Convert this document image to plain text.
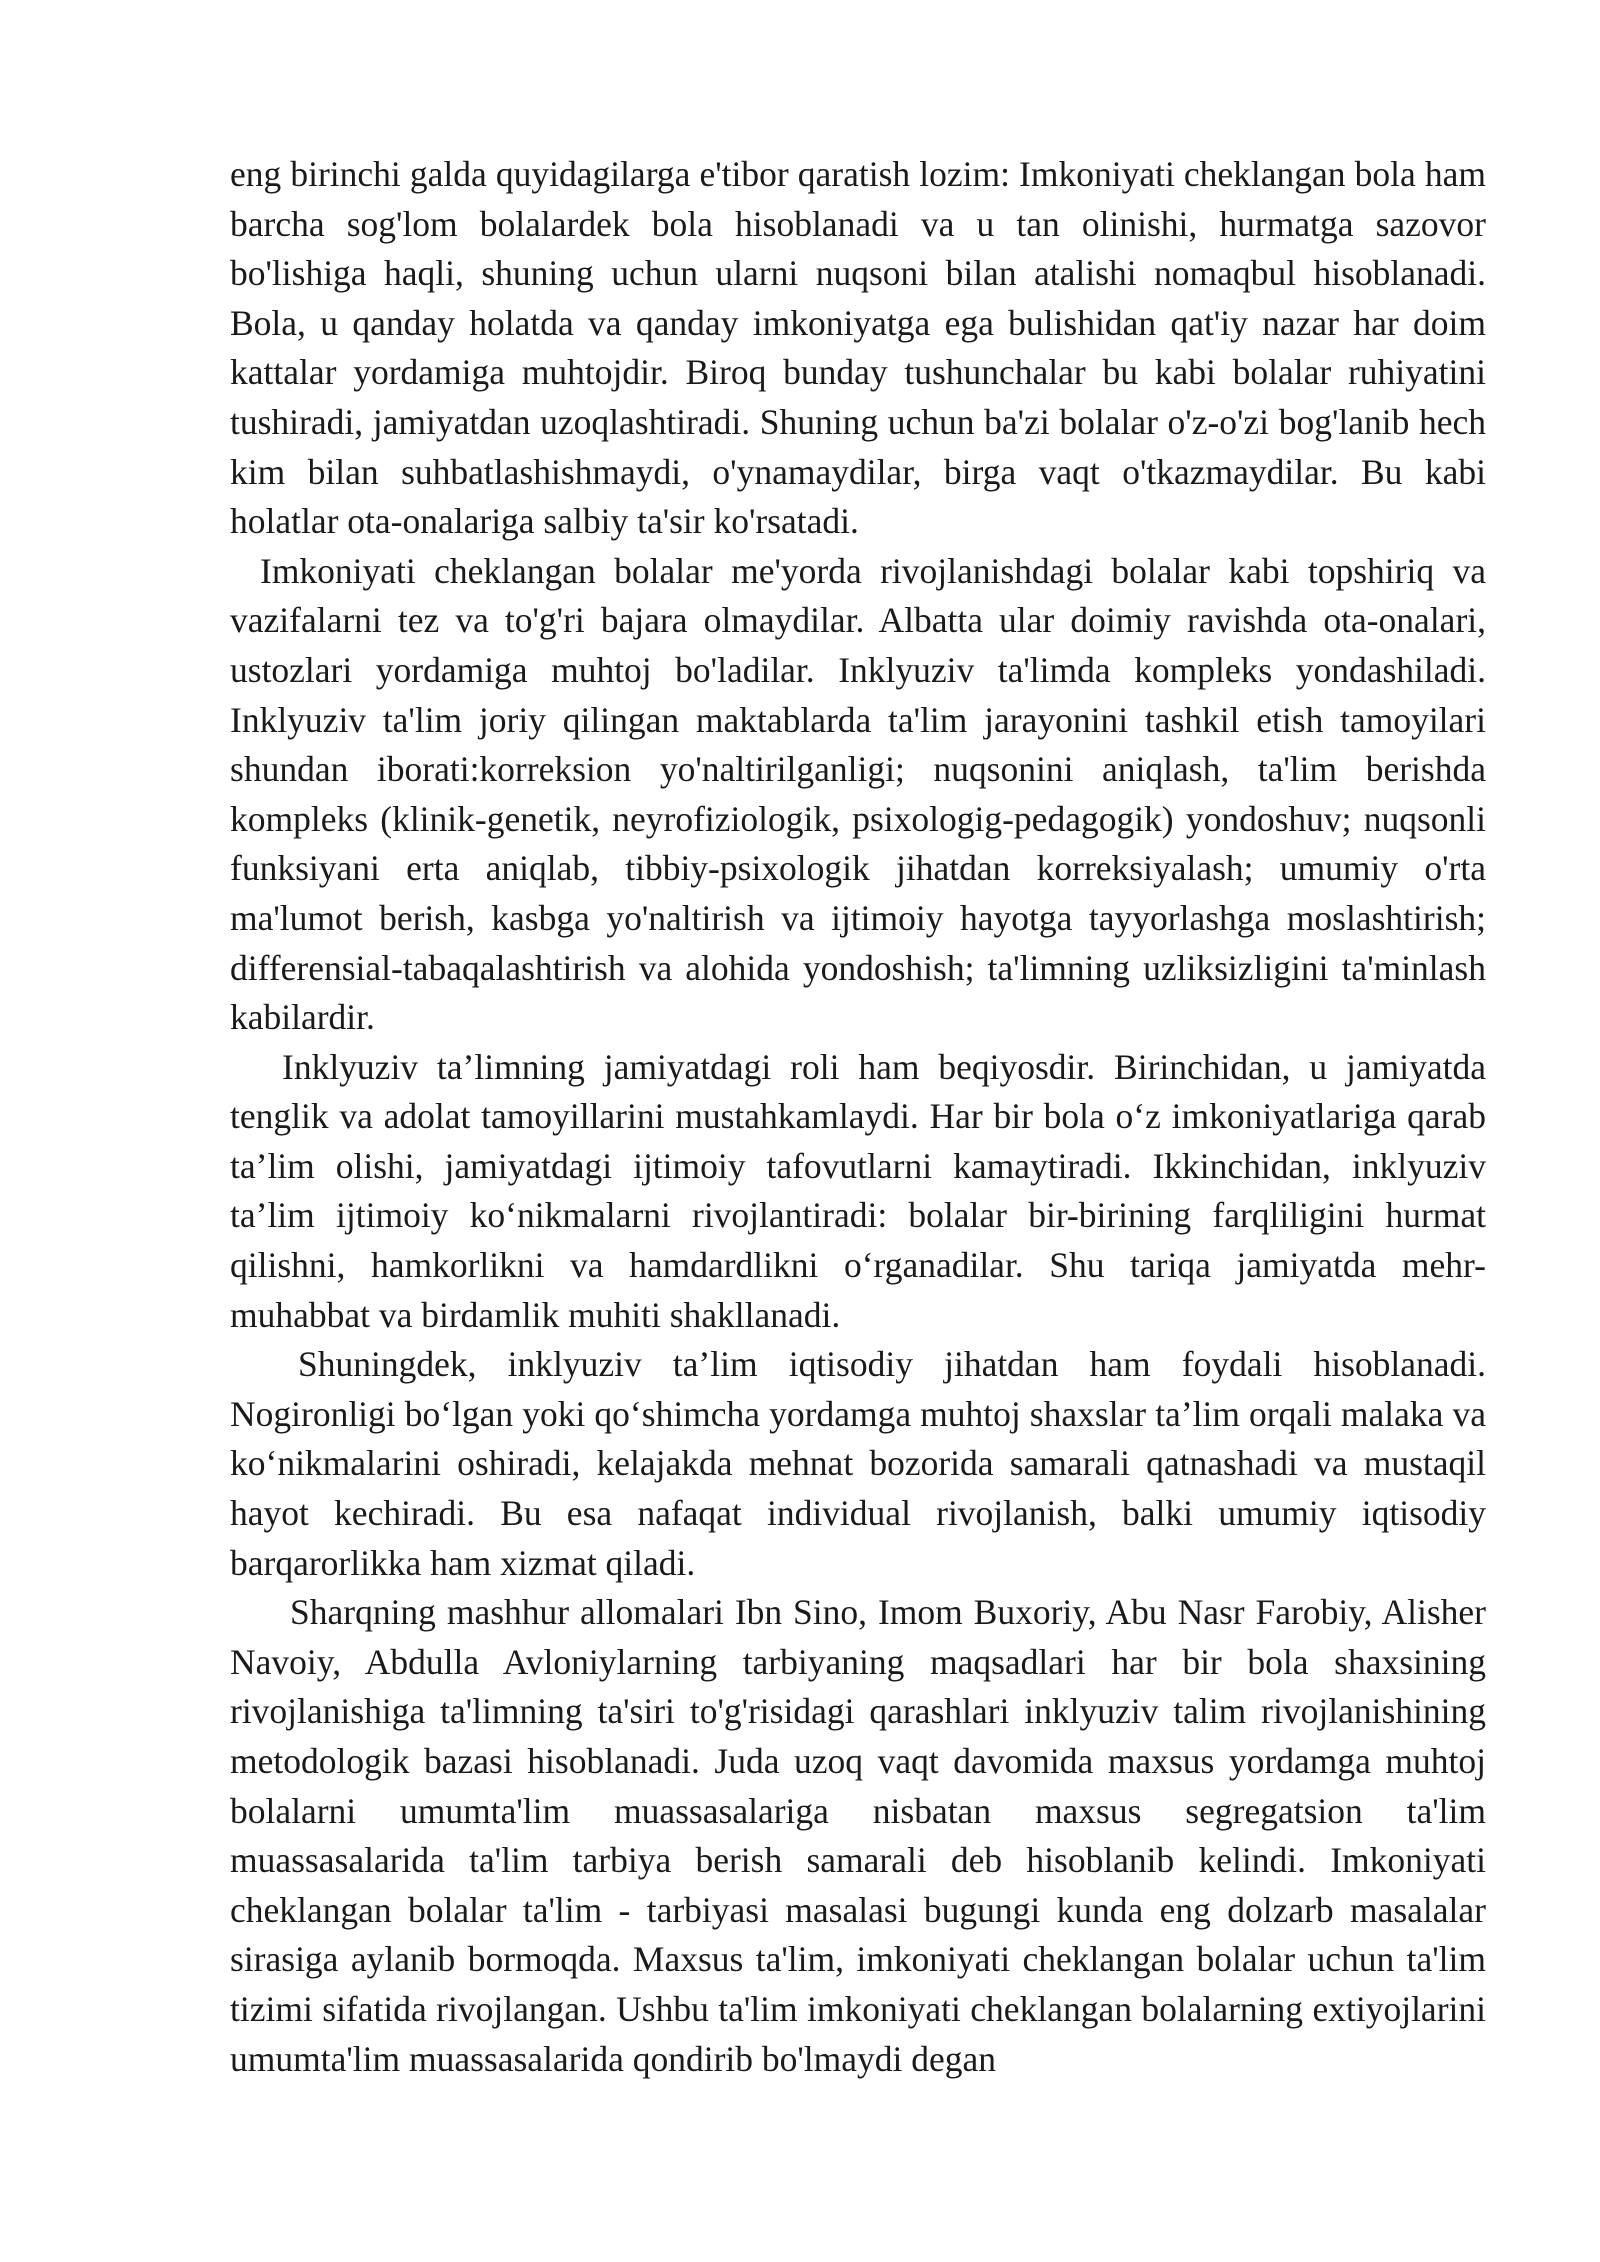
eng birinchi galda quyidagilarga e'tibor qaratish lozim: Imkoniyati cheklangan bola ham barcha sog'lom bolalardek bola hisoblanadi va u tan olinishi, hurmatga sazovor bo'lishiga haqli, shuning uchun ularni nuqsoni bilan atalishi nomaqbul hisoblanadi. Bola, u qanday holatda va qanday imkoniyatga ega bulishidan qat'iy nazar har doim kattalar yordamiga muhtojdir. Biroq bunday tushunchalar bu kabi bolalar ruhiyatini tushiradi, jamiyatdan uzoqlashtiradi. Shuning uchun ba'zi bolalar o'z-o'zi bog'lanib hech kim bilan suhbatlashishmaydi, o'ynamaydilar, birga vaqt o'tkazmaydilar. Bu kabi holatlar ota-onalariga salbiy ta'sir ko'rsatadi.

Imkoniyati cheklangan bolalar me'yorda rivojlanishdagi bolalar kabi topshiriq va vazifalarni tez va to'g'ri bajara olmaydilar. Albatta ular doimiy ravishda ota-onalari, ustozlari yordamiga muhtoj bo'ladilar. Inklyuziv ta'limda kompleks yondashiladi. Inklyuziv ta'lim joriy qilingan maktablarda ta'lim jarayonini tashkil etish tamoyilari shundan iborati:korreksion yo'naltirilganligi; nuqsonini aniqlash, ta'lim berishda kompleks (klinik-genetik, neyrofiziologik, psixologig-pedagogik) yondoshuv; nuqsonli funksiyani erta aniqlab, tibbiy-psixologik jihatdan korreksiyalash; umumiy o'rta ma'lumot berish, kasbga yo'naltirish va ijtimoiy hayotga tayyorlashga moslashtirish; differensial-tabaqalashtirish va alohida yondoshish; ta'limning uzliksizligini ta'minlash kabilardir.

Inklyuziv ta’limning jamiyatdagi roli ham beqiyosdir. Birinchidan, u jamiyatda tenglik va adolat tamoyillarini mustahkamlaydi. Har bir bola o‘z imkoniyatlariga qarab ta’lim olishi, jamiyatdagi ijtimoiy tafovutlarni kamaytiradi. Ikkinchidan, inklyuziv ta’lim ijtimoiy ko‘nikmalarni rivojlantiradi: bolalar bir-birining farqliligini hurmat qilishni, hamkorlikni va hamdardlikni o‘rganadilar. Shu tariqa jamiyatda mehr-muhabbat va birdamlik muhiti shakllanadi.

Shuningdek, inklyuziv ta’lim iqtisodiy jihatdan ham foydali hisoblanadi. Nogironligi bo‘lgan yoki qo‘shimcha yordamga muhtoj shaxslar ta’lim orqali malaka va ko‘nikmalarini oshiradi, kelajakda mehnat bozorida samarali qatnashadi va mustaqil hayot kechiradi. Bu esa nafaqat individual rivojlanish, balki umumiy iqtisodiy barqarorlikka ham xizmat qiladi.

Sharqning mashhur allomalari Ibn Sino, Imom Buxoriy, Abu Nasr Farobiy, Alisher Navoiy, Abdulla Avloniylarning tarbiyaning maqsadlari har bir bola shaxsining rivojlanishiga ta'limning ta'siri to'g'risidagi qarashlari inklyuziv talim rivojlanishining metodologik bazasi hisoblanadi. Juda uzoq vaqt davomida maxsus yordamga muhtoj bolalarni umumta'lim muassasalariga nisbatan maxsus segregatsion ta'lim muassasalarida ta'lim tarbiya berish samarali deb hisoblanib kelindi. Imkoniyati cheklangan bolalar ta'lim - tarbiyasi masalasi bugungi kunda eng dolzarb masalalar sirasiga aylanib bormoqda. Maxsus ta'lim, imkoniyati cheklangan bolalar uchun ta'lim tizimi sifatida rivojlangan. Ushbu ta'lim imkoniyati cheklangan bolalarning extiyojlarini umumta'lim muassasalarida qondirib bo'lmaydi degan
